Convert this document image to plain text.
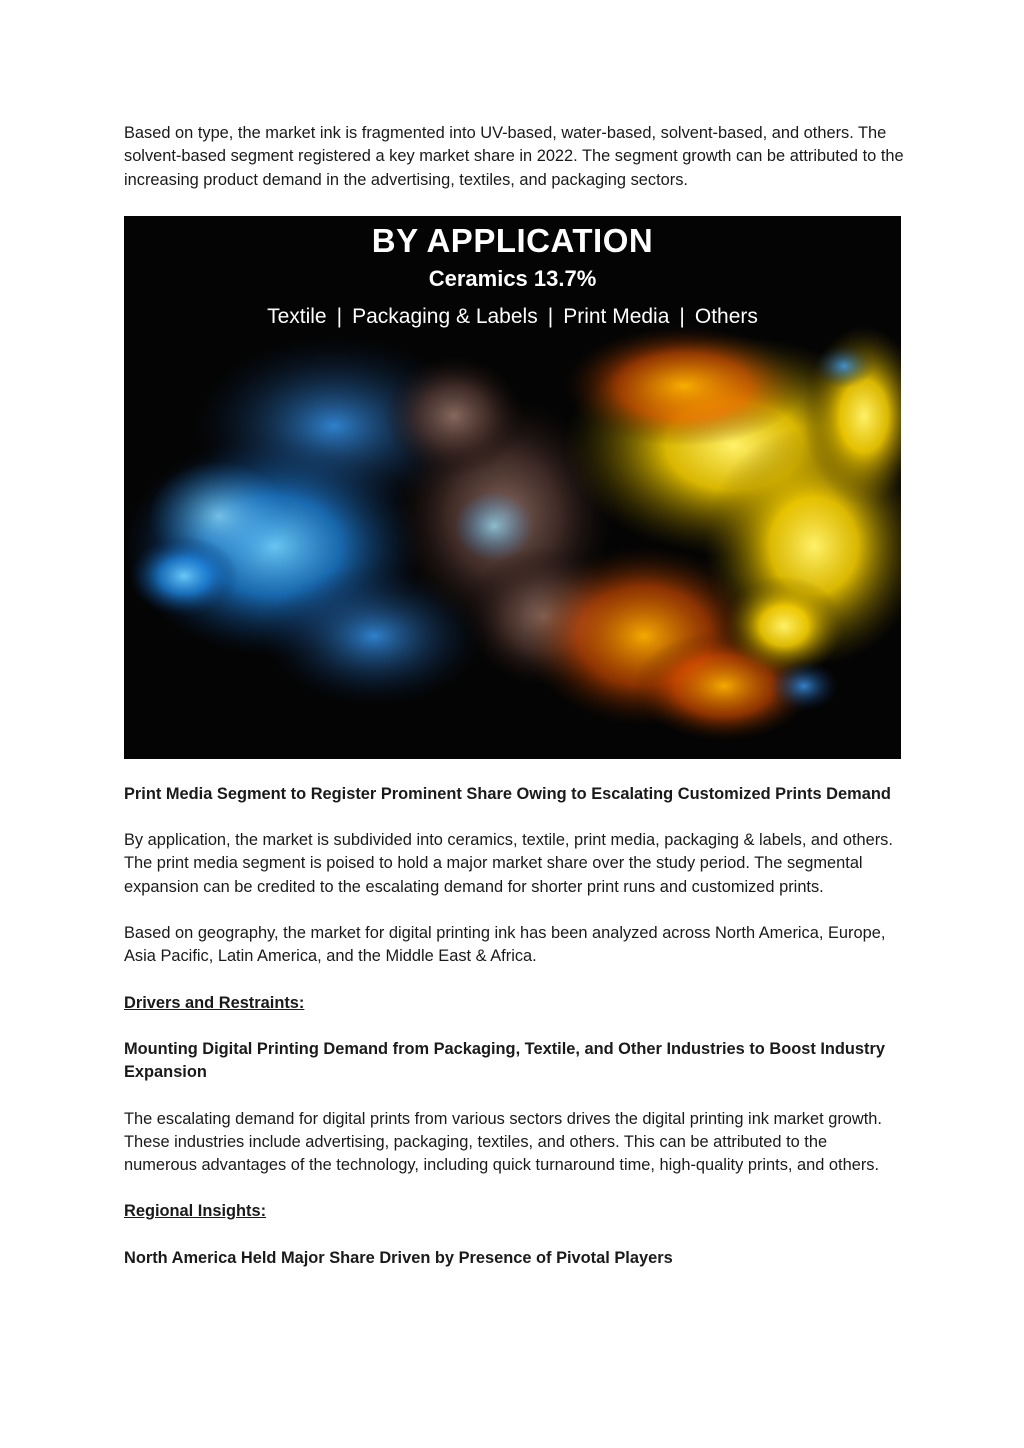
Based on type, the market ink is fragmented into UV-based, water-based, solvent-based, and others. The solvent-based segment registered a key market share in 2022. The segment growth can be attributed to the increasing product demand in the advertising, textiles, and packaging sectors.

BY APPLICATION
Ceramics 13.7%
Textile | Packaging & Labels | Print Media | Others

Print Media Segment to Register Prominent Share Owing to Escalating Customized Prints Demand

By application, the market is subdivided into ceramics, textile, print media, packaging & labels, and others. The print media segment is poised to hold a major market share over the study period. The segmental expansion can be credited to the escalating demand for shorter print runs and customized prints.

Based on geography, the market for digital printing ink has been analyzed across North America, Europe, Asia Pacific, Latin America, and the Middle East & Africa.

Drivers and Restraints:

Mounting Digital Printing Demand from Packaging, Textile, and Other Industries to Boost Industry Expansion

The escalating demand for digital prints from various sectors drives the digital printing ink market growth. These industries include advertising, packaging, textiles, and others. This can be attributed to the numerous advantages of the technology, including quick turnaround time, high-quality prints, and others.

Regional Insights:

North America Held Major Share Driven by Presence of Pivotal Players
